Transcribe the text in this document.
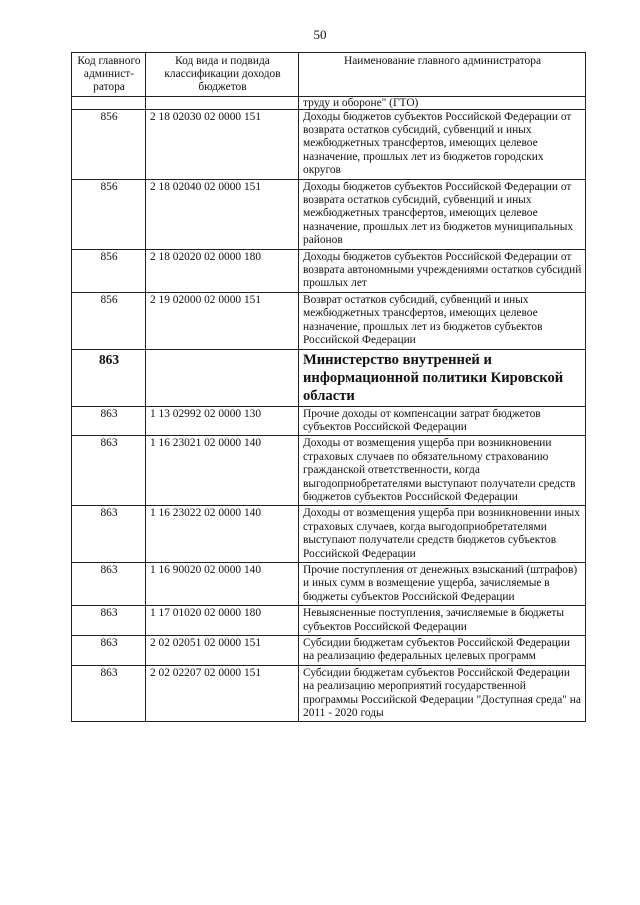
50
Код главного админист-ратора	Код вида и подвида классификации доходов бюджетов	Наименование главного администратора
		труду и обороне" (ГТО)
856	2 18 02030 02 0000 151	Доходы бюджетов субъектов Российской Федерации от возврата остатков субсидий, субвенций и иных межбюджетных трансфертов, имеющих целевое назначение, прошлых лет из бюджетов городских округов
856	2 18 02040 02 0000 151	Доходы бюджетов субъектов Российской Федерации от возврата остатков субсидий, субвенций и иных межбюджетных трансфертов, имеющих целевое назначение, прошлых лет из бюджетов муниципальных районов
856	2 18 02020 02 0000 180	Доходы бюджетов субъектов Российской Федерации от возврата автономными учреждениями остатков субсидий прошлых лет
856	2 19 02000 02 0000 151	Возврат остатков субсидий, субвенций и иных межбюджетных трансфертов, имеющих целевое назначение, прошлых лет из бюджетов субъектов Российской Федерации
863		Министерство внутренней и информационной политики Кировской области
863	1 13 02992 02 0000 130	Прочие доходы от компенсации затрат бюджетов субъектов Российской Федерации
863	1 16 23021 02 0000 140	Доходы от возмещения ущерба при возникновении страховых случаев по обязательному страхованию гражданской ответственности, когда выгодоприобретателями выступают получатели средств бюджетов субъектов Российской Федерации
863	1 16 23022 02 0000 140	Доходы от возмещения ущерба при возникновении иных страховых случаев, когда выгодоприобретателями выступают получатели средств бюджетов субъектов Российской Федерации
863	1 16 90020 02 0000 140	Прочие поступления от денежных взысканий (штрафов) и иных сумм в возмещение ущерба, зачисляемые в бюджеты субъектов Российской Федерации
863	1 17 01020 02 0000 180	Невыясненные поступления, зачисляемые в бюджеты субъектов Российской Федерации
863	2 02 02051 02 0000 151	Субсидии бюджетам субъектов Российской Федерации на реализацию федеральных целевых программ
863	2 02 02207 02 0000 151	Субсидии бюджетам субъектов Российской Федерации на реализацию мероприятий государственной программы Российской Федерации "Доступная среда" на 2011 - 2020 годы
